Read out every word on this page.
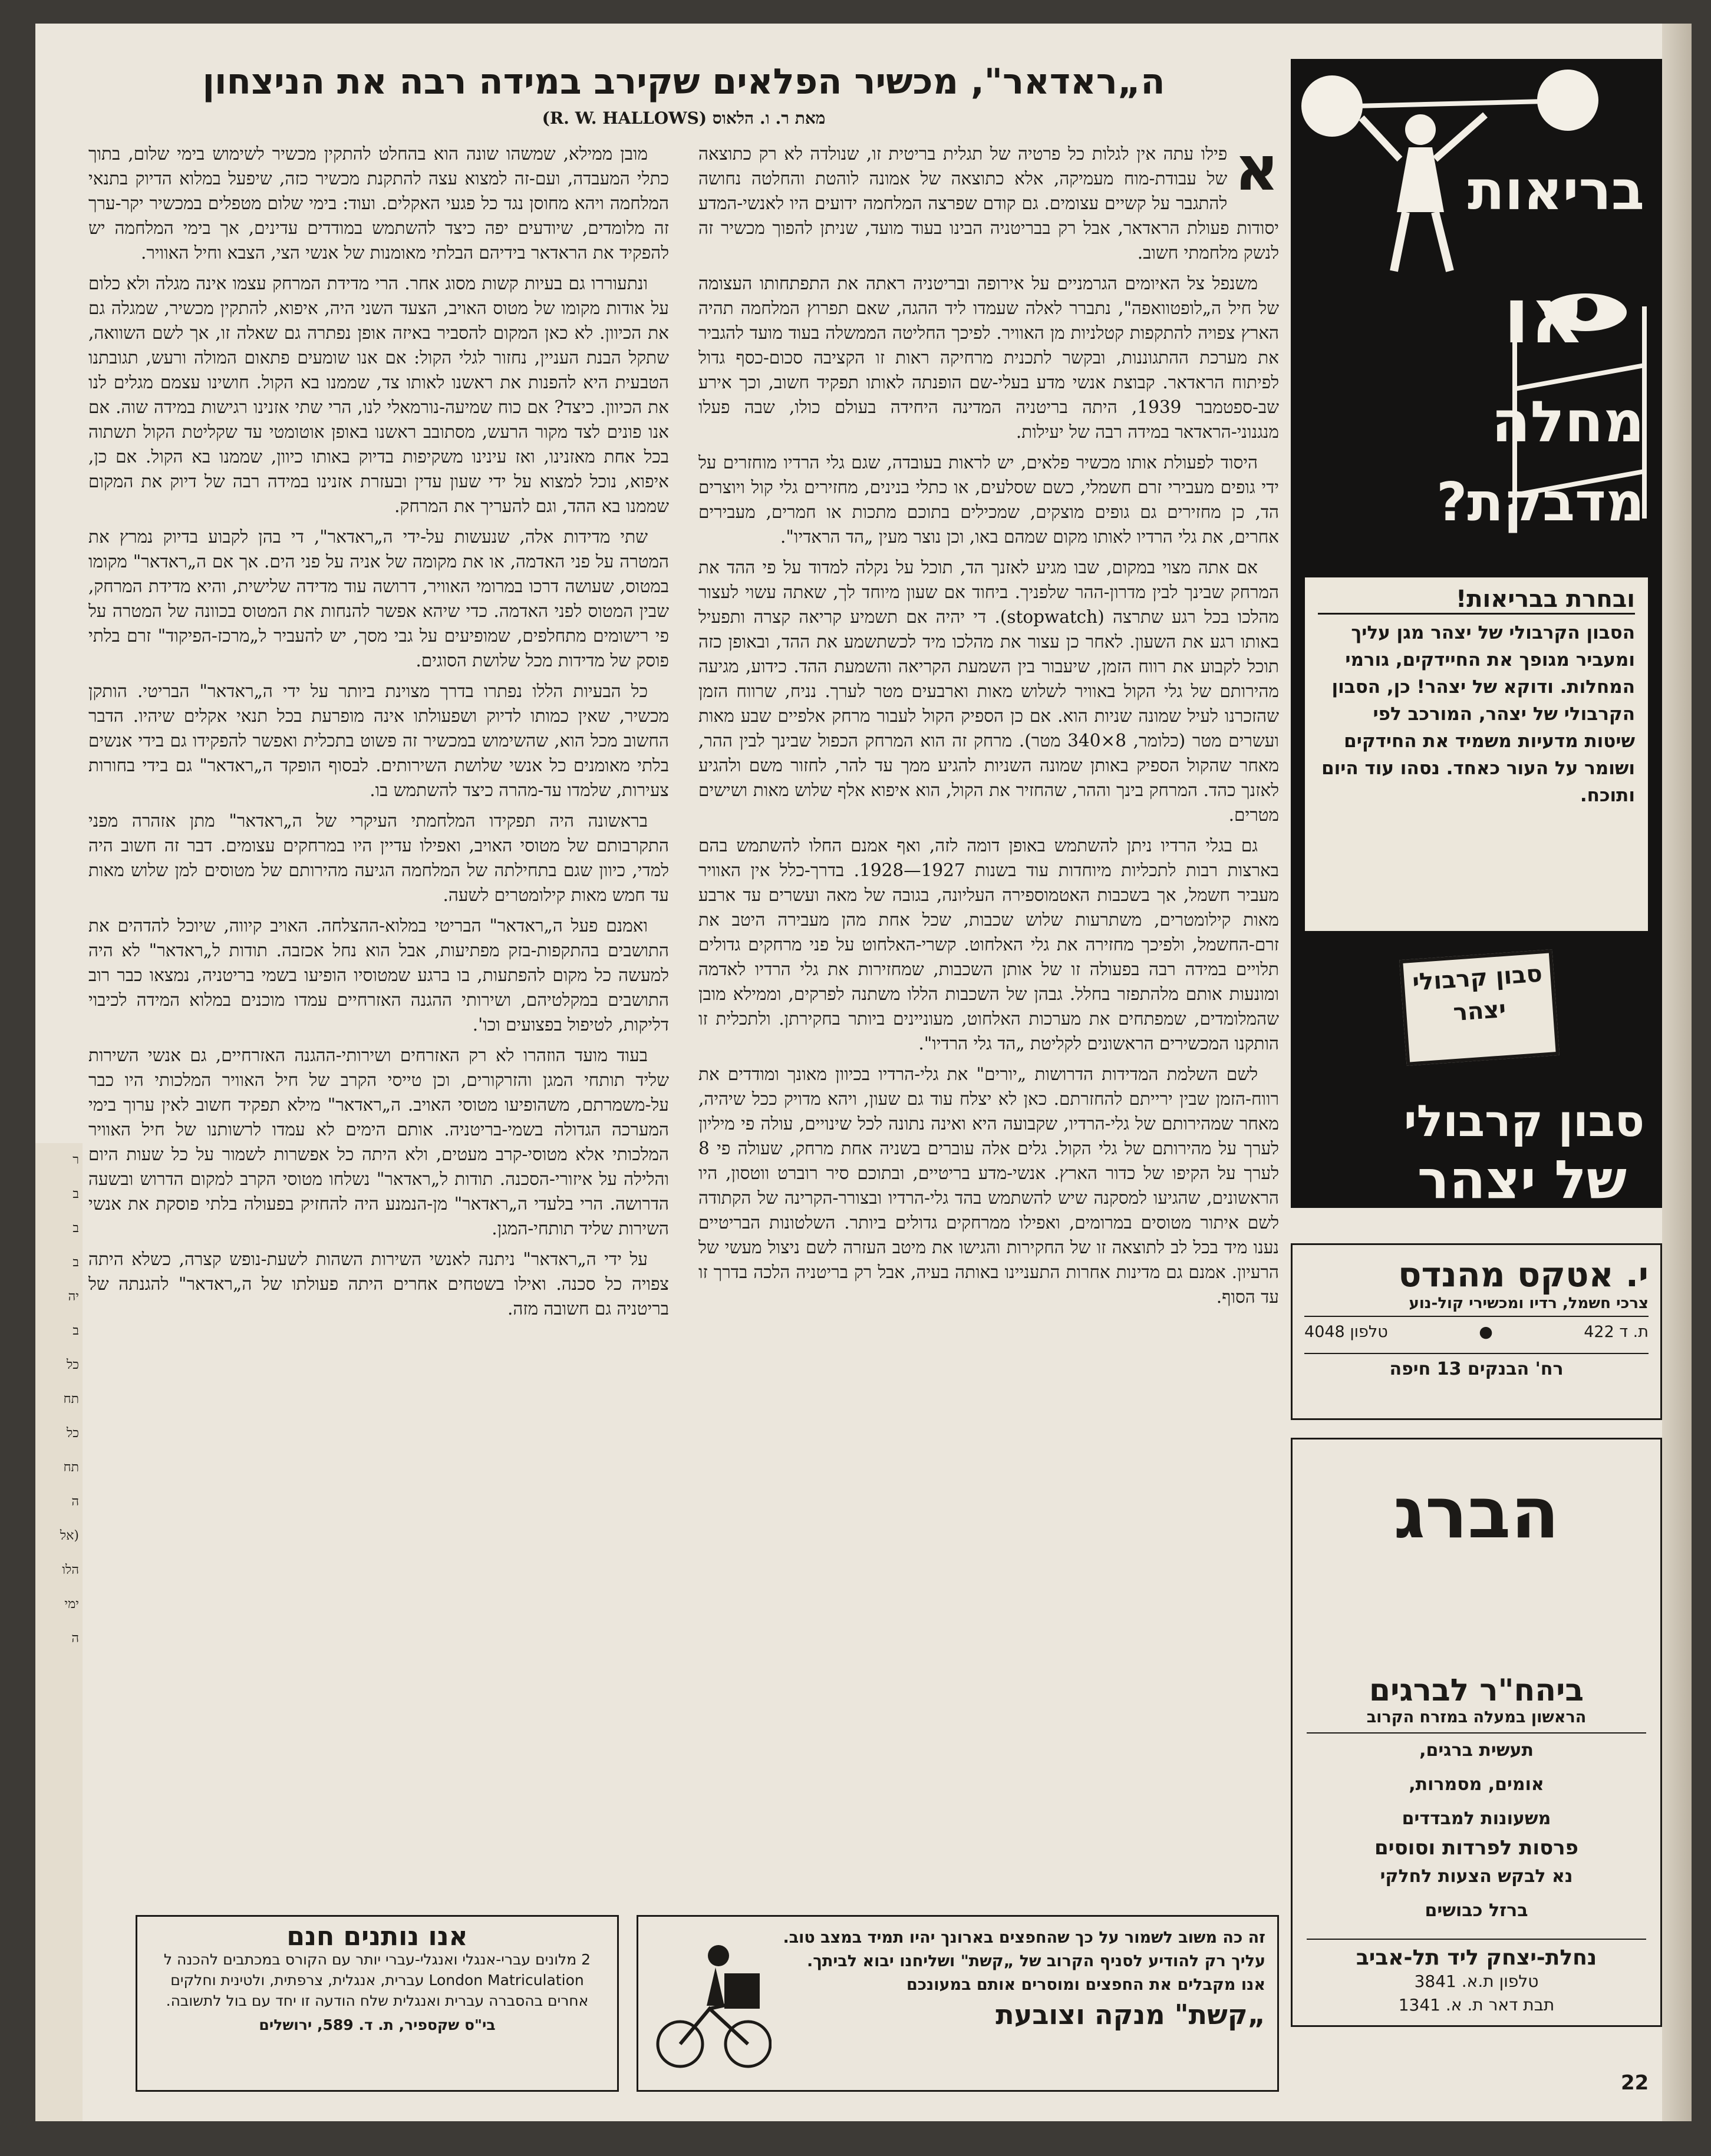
ר
ב
ב
ב
יה
ב
כל
תח
כל
תח
ה
(אל
הלו
ימי
ה
ה„ראדאר", מכשיר הפלאים שקירב במידה רבה את הניצחון
מאת ר. ו. הלאוס (R. W. HALLOWS)
א

פילו עתה אין לגלות כל פרטיה של תגלית בריטית זו, שנולדה לא רק כתוצאה של עבודת-מוח מעמיקה, אלא כתוצאה של אמונה לוהטת והחלטה נחושה להתגבר על קשיים עצומים. גם קודם שפרצה המלחמה ידועים היו לאנשי-המדע יסודות פעולת הראדאר, אבל רק בבריטניה הבינו בעוד מועד, שניתן להפוך מכשיר זה לנשק מלחמתי חשוב.

משנפל צל האיומים הגרמניים על אירופה ובריטניה ראתה את התפתחותו העצומה של חיל ה„לופטוואפה", נתברר לאלה שעמדו ליד ההגה, שאם תפרוץ המלחמה תהיה הארץ צפויה להתקפות קטלניות מן האוויר. לפיכך החליטה הממשלה בעוד מועד להגביר את מערכת ההתגוננות, ובקשר לתכנית מרחיקה ראות זו הקציבה סכום-כסף גדול לפיתוח הראדאר. קבוצת אנשי מדע בעלי-שם הופנתה לאותו תפקיד חשוב, וכך אירע שב-ספטמבר 1939, היתה בריטניה המדינה היחידה בעולם כולו, שבה פעלו מנגנוני-הראדאר במידה רבה של יעילות.

היסוד לפעולת אותו מכשיר פלאים, יש לראות בעובדה, שגם גלי הרדיו מוחזרים על ידי גופים מעבירי זרם חשמלי, כשם שסלעים, או כתלי בנינים, מחזירים גלי קול ויוצרים הד, כן מחזירים גם גופים מוצקים, שמכילים בתוכם מתכות או חמרים, מעבירים אחרים, את גלי הרדיו לאותו מקום שמהם באו, וכן נוצר מעין „הד הראדיו".

אם אתה מצוי במקום, שבו מגיע לאזנך הד, תוכל על נקלה למדוד על פי ההד את המרחק שבינך לבין מדרון-ההר שלפניך. ביחוד אם שעון מיוחד לך, שאתה עשוי לעצור מהלכו בכל רגע שתרצה (stopwatch). די יהיה אם תשמיע קריאה קצרה ותפעיל באותו רגע את השעון. לאחר כן עצור את מהלכו מיד לכשתשמע את ההד, ובאופן כזה תוכל לקבוע את רווח הזמן, שיעבור בין השמעת הקריאה והשמעת ההד. כידוע, מגיעה מהירותם של גלי הקול באוויר לשלוש מאות וארבעים מטר לערך. נניח, שרווח הזמן שהזכרנו לעיל שמונה שניות הוא. אם כן הספיק הקול לעבור מרחק אלפיים שבע מאות ועשרים מטר (כלומר, 8×340 מטר). מרחק זה הוא המרחק הכפול שבינך לבין ההר, מאחר שהקול הספיק באותן שמונה השניות להגיע ממך עד להר, לחזור משם ולהגיע לאזנך כהד. המרחק בינך וההר, שהחזיר את הקול, הוא איפוא אלף שלוש מאות ושישים מטרים.

גם בגלי הרדיו ניתן להשתמש באופן דומה לזה, ואף אמנם החלו להשתמש בהם בארצות רבות לתכליות מיוחדות עוד בשנות 1927—1928. בדרך-כלל אין האוויר מעביר חשמל, אך בשכבות האטמוספירה העליונה, בגובה של מאה ועשרים עד ארבע מאות קילומטרים, משתרעות שלוש שכבות, שכל אחת מהן מעבירה היטב את זרם-החשמל, ולפיכך מחזירה את גלי האלחוט. קשרי-האלחוט על פני מרחקים גדולים תלויים במידה רבה בפעולה זו של אותן השכבות, שמחזירות את גלי הרדיו לאדמה ומונעות אותם מלהתפזר בחלל. גבהן של השכבות הללו משתנה לפרקים, וממילא מובן שהמלומדים, שמפתחים את מערכות האלחוט, מעוניינים ביותר בחקירתן. ולתכלית זו הותקנו המכשירים הראשונים לקליטת „הד גלי הרדיו".

לשם השלמת המדידות הדרושות „יורים" את גלי-הרדיו בכיוון מאונך ומודדים את רווח-הזמן שבין ירייתם להחזרתם. כאן לא יצלח עוד גם שעון, ויהא מדויק ככל שיהיה, מאחר שמהירותם של גלי-הרדיו, שקבועה היא ואינה נתונה לכל שינויים, עולה פי מיליון לערך על מהירותם של גלי הקול. גלים אלה עוברים בשניה אחת מרחק, שעולה פי 8 לערך על הקיפו של כדור הארץ. אנשי-מדע בריטיים, ובתוכם סיר רוברט ווטסון, היו הראשונים, שהגיעו למסקנה שיש להשתמש בהד גלי-הרדיו ובצורר-הקרינה של הקתודה לשם איתור מטוסים במרומים, ואפילו ממרחקים גדולים ביותר. השלטונות הבריטיים נענו מיד בכל לב לתוצאה זו של החקירות והגישו את מיטב העזרה לשם ניצול מעשי של הרעיון. אמנם גם מדינות אחרות התעניינו באותה בעיה, אבל רק בריטניה הלכה בדרך זו עד הסוף.

מובן ממילא, שמשהו שונה הוא בהחלט להתקין מכשיר לשימוש בימי שלום, בתוך כתלי המעבדה, ועם-זה למצוא עצה להתקנת מכשיר כזה, שיפעל במלוא הדיוק בתנאי המלחמה ויהא מחוסן נגד כל פגעי האקלים. ועוד: בימי שלום מטפלים במכשיר יקר-ערך זה מלומדים, שיודעים יפה כיצד להשתמש במודדים עדינים, אך בימי המלחמה יש להפקיד את הראדאר בידיהם הבלתי מאומנות של אנשי הצי, הצבא וחיל האוויר.

ונתעוררו גם בעיות קשות מסוג אחר. הרי מדידת המרחק עצמו אינה מגלה ולא כלום על אודות מקומו של מטוס האויב, הצעד השני היה, איפוא, להתקין מכשיר, שמגלה גם את הכיוון. לא כאן המקום להסביר באיזה אופן נפתרה גם שאלה זו, אך לשם השוואה, שתקל הבנת העניין, נחזור לגלי הקול: אם אנו שומעים פתאום המולה ורעש, תגובתנו הטבעית היא להפנות את ראשנו לאותו צד, שממנו בא הקול. חושינו עצמם מגלים לנו את הכיוון. כיצד? אם כוח שמיעה-נורמאלי לנו, הרי שתי אזנינו רגישות במידה שוה. אם אנו פונים לצד מקור הרעש, מסתובב ראשנו באופן אוטומטי עד שקליטת הקול תשתוה בכל אחת מאזנינו, ואז עינינו משקיפות בדיוק באותו כיוון, שממנו בא הקול. אם כן, איפוא, נוכל למצוא על ידי שעון עדין ובעזרת אזנינו במידה רבה של דיוק את המקום שממנו בא ההד, וגם להעריך את המרחק.

שתי מדידות אלה, שנעשות על-ידי ה„ראדאר", די בהן לקבוע בדיוק נמרץ את המטרה על פני האדמה, או את מקומה של אניה על פני הים. אך אם ה„ראדאר" מקומו במטוס, שעושה דרכו במרומי האוויר, דרושה עוד מדידה שלישית, והיא מדידת המרחק, שבין המטוס לפני האדמה. כדי שיהא אפשר להנחות את המטוס בכוונה של המטרה על פי רישומים מתחלפים, שמופיעים על גבי מסך, יש להעביר ל„מרכז-הפיקוד" זרם בלתי פוסק של מדידות מכל שלושת הסוגים.

כל הבעיות הללו נפתרו בדרך מצוינת ביותר על ידי ה„ראדאר" הבריטי. הותקן מכשיר, שאין כמותו לדיוק ושפעולתו אינה מופרעת בכל תנאי אקלים שיהיו. הדבר החשוב מכל הוא, שהשימוש במכשיר זה פשוט בתכלית ואפשר להפקידו גם בידי אנשים בלתי מאומנים כל אנשי שלושת השירותים. לבסוף הופקד ה„ראדאר" גם בידי בחורות צעירות, שלמדו עד-מהרה כיצד להשתמש בו.

בראשונה היה תפקידו המלחמתי העיקרי של ה„ראדאר" מתן אזהרה מפני התקרבותם של מטוסי האויב, ואפילו עדיין היו במרחקים עצומים. דבר זה חשוב היה למדי, כיוון שגם בתחילתה של המלחמה הגיעה מהירותם של מטוסים למן שלוש מאות עד חמש מאות קילומטרים לשעה.

ואמנם פעל ה„ראדאר" הבריטי במלוא-ההצלחה. האויב קיווה, שיוכל להדהים את התושבים בהתקפות-בזק מפתיעות, אבל הוא נחל אכזבה. תודות ל„ראדאר" לא היה למעשה כל מקום להפתעות, בו ברגע שמטוסיו הופיעו בשמי בריטניה, נמצאו כבר רוב התושבים במקלטיהם, ושירותי ההגנה האזרחיים עמדו מוכנים במלוא המידה לכיבוי דליקות, לטיפול בפצועים וכו'.

בעוד מועד הוזהרו לא רק האזרחים ושירותי-ההגנה האזרחיים, גם אנשי השירות שליד תותחי המגן והזרקורים, וכן טייסי הקרב של חיל האוויר המלכותי היו כבר על-משמרתם, משהופיעו מטוסי האויב. ה„ראדאר" מילא תפקיד חשוב לאין ערוך בימי המערכה הגדולה בשמי-בריטניה. אותם הימים לא עמדו לרשותנו של חיל האוויר המלכותי אלא מטוסי-קרב מעטים, ולא היתה כל אפשרות לשמור על כל שעות היום והלילה על איזורי-הסכנה. תודות ל„ראדאר" נשלחו מטוסי הקרב למקום הדרוש ובשעה הדרושה. הרי בלעדי ה„ראדאר" מן-הנמנע היה להחזיק בפעולה בלתי פוסקת את אנשי השירות שליד תותחי-המגן.

על ידי ה„ראדאר" ניתנה לאנשי השירות השהות לשעת-נופש קצרה, כשלא היתה צפויה כל סכנה. ואילו בשטחים אחרים היתה פעולתו של ה„ראדאר" להגנתה של בריטניה גם חשובה מזה.

בריאות
או
מחלה
מדבקת?
ובחרת בבריאות!
הסבון הקרבולי של יצהר מגן עליך ומעביר מגופך את החיידקים, גורמי המחלות. ודוקא של יצהר! כן, הסבון הקרבולי של יצהר, המורכב לפי שיטות מדעיות משמיד את החידקים ושומר על העור כאחד. נסהו עוד היום ותוכח.
סבון קרבולי יצהר
סבון קרבולי
של יצהר
י. אטקס מהנדס
צרכי חשמל, רדיו ומכשירי קול-נוע
ת. ד 422
●
טלפון 4048
רח' הבנקים 13 חיפה
הברג
ביהח"ר לברגים
הראשון במעלה במזרח הקרוב
תעשית ברגים,
אומים, מסמרות,
משעונות למבדדים
פרסות לפרדות וסוסים
נא לבקש הצעות לחלקי
ברזל כבושים
נחלת-יצחק ליד תל-אביב
טלפון ת.א. 3841
תבת דאר ת. א. 1341
זה כה משוב לשמור על כך שהחפצים בארונך יהיו תמיד במצב טוב. עליך רק להודיע לסניף הקרוב של „קשת" ושליחנו יבוא לביתך. אנו מקבלים את החפצים ומוסרים אותם במעונכם
„קשת" מנקה וצובעת
אנו נותנים חנם
2 מלונים עברי-אנגלי ואנגלי-עברי יותר עם הקורס במכתבים להכנה ל London Matriculation עברית, אנגלית, צרפתית, ולטינית וחלקים אחרים בהסברה עברית ואנגלית שלח הודעה זו יחד עם בול לתשובה.
בי"ס שקספיר, ת. ד. 589, ירושלים
22
